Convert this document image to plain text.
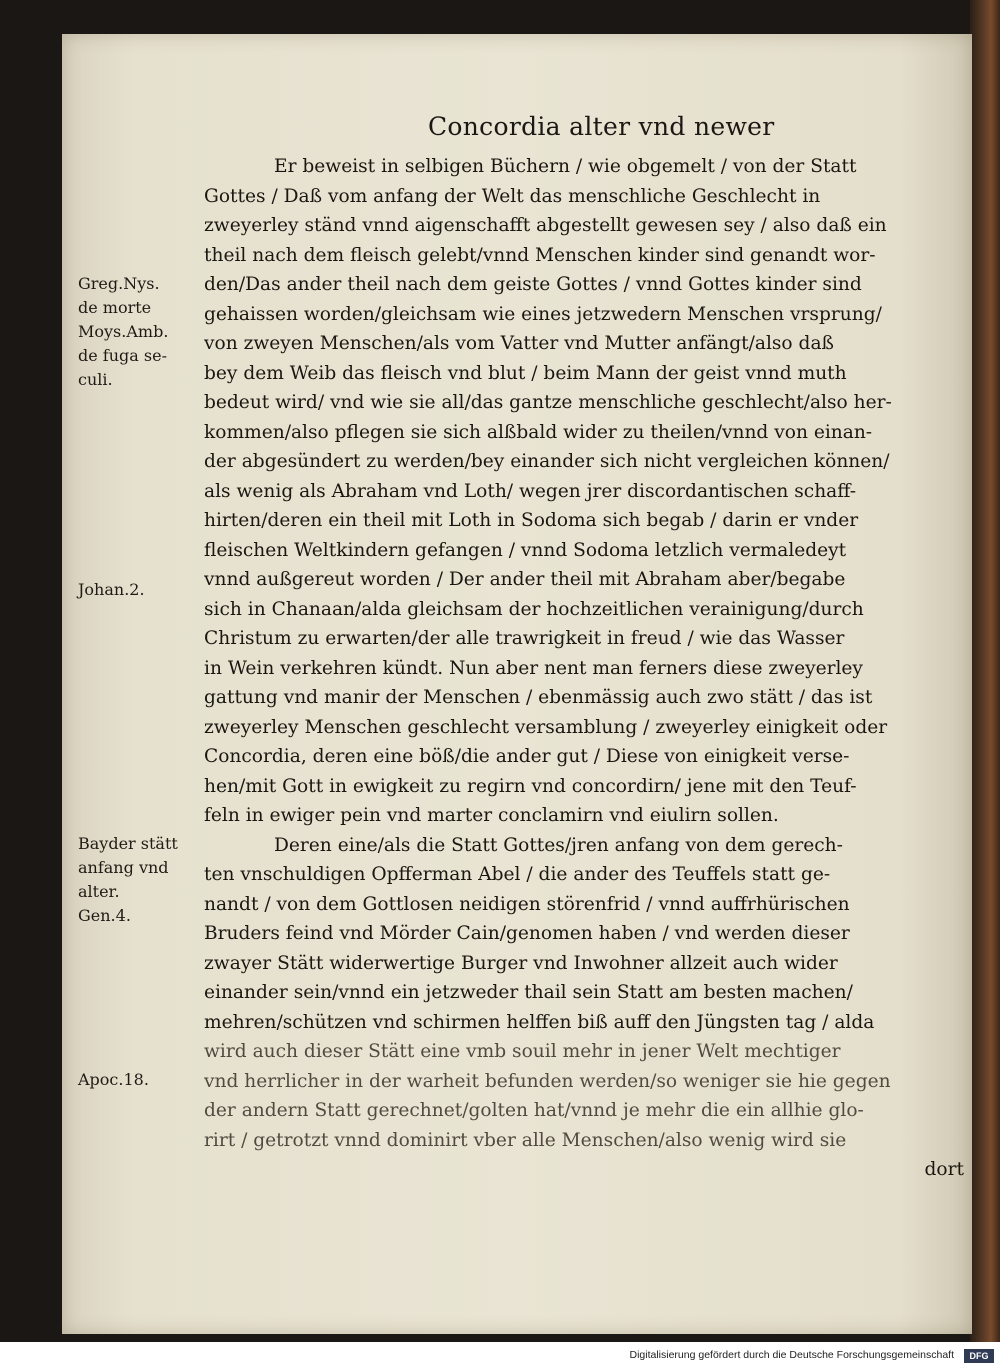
Concordia alter vnd newer
Er beweist in selbigen Büchern / wie obgemelt / von der Statt
Gottes / Daß vom anfang der Welt das menschliche Geschlecht in
zweyerley ständ vnnd aigenschafft abgestellt gewesen sey / also daß ein
theil nach dem fleisch gelebt/vnnd Menschen kinder sind genandt wor-
den/Das ander theil nach dem geiste Gottes / vnnd Gottes kinder sind
gehaissen worden/gleichsam wie eines jetzwedern Menschen vrsprung/
von zweyen Menschen/als vom Vatter vnd Mutter anfängt/also daß
bey dem Weib das fleisch vnd blut / beim Mann der geist vnnd muth
bedeut wird/ vnd wie sie all/das gantze menschliche geschlecht/also her-
kommen/also pflegen sie sich alßbald wider zu theilen/vnnd von einan-
der abgesündert zu werden/bey einander sich nicht vergleichen können/
als wenig als Abraham vnd Loth/ wegen jrer discordantischen schaff-
hirten/deren ein theil mit Loth in Sodoma sich begab / darin er vnder
fleischen Weltkindern gefangen / vnnd Sodoma letzlich vermaledeyt
vnnd außgereut worden / Der ander theil mit Abraham aber/begabe
sich in Chanaan/alda gleichsam der hochzeitlichen verainigung/durch
Christum zu erwarten/der alle trawrigkeit in freud / wie das Wasser
in Wein verkehren kündt. Nun aber nent man ferners diese zweyerley
gattung vnd manir der Menschen / ebenmässig auch zwo stätt / das ist
zweyerley Menschen geschlecht versamblung / zweyerley einigkeit oder
Concordia, deren eine böß/die ander gut / Diese von einigkeit verse-
hen/mit Gott in ewigkeit zu regirn vnd concordirn/ jene mit den Teuf-
feln in ewiger pein vnd marter conclamirn vnd eiulirn sollen.
Deren eine/als die Statt Gottes/jren anfang von dem gerech-
ten vnschuldigen Opfferman Abel / die ander des Teuffels statt ge-
nandt / von dem Gottlosen neidigen störenfrid / vnnd auffrhürischen
Bruders feind vnd Mörder Cain/genomen haben / vnd werden dieser
zwayer Stätt widerwertige Burger vnd Inwohner allzeit auch wider
einander sein/vnnd ein jetzweder thail sein Statt am besten machen/
mehren/schützen vnd schirmen helffen biß auff den Jüngsten tag / alda
wird auch dieser Stätt eine vmb souil mehr in jener Welt mechtiger
vnd herrlicher in der warheit befunden werden/so weniger sie hie gegen
der andern Statt gerechnet/golten hat/vnnd je mehr die ein allhie glo-
rirt / getrotzt vnnd dominirt vber alle Menschen/also wenig wird sie
dort
Greg.Nys.
de morte
Moys.Amb.
de fuga se-
culi.
Johan.2.
Bayder stätt
anfang vnd
alter.
Gen.4.
Apoc.18.
Digitalisierung gefördert durch die Deutsche Forschungsgemeinschaft	DFG
